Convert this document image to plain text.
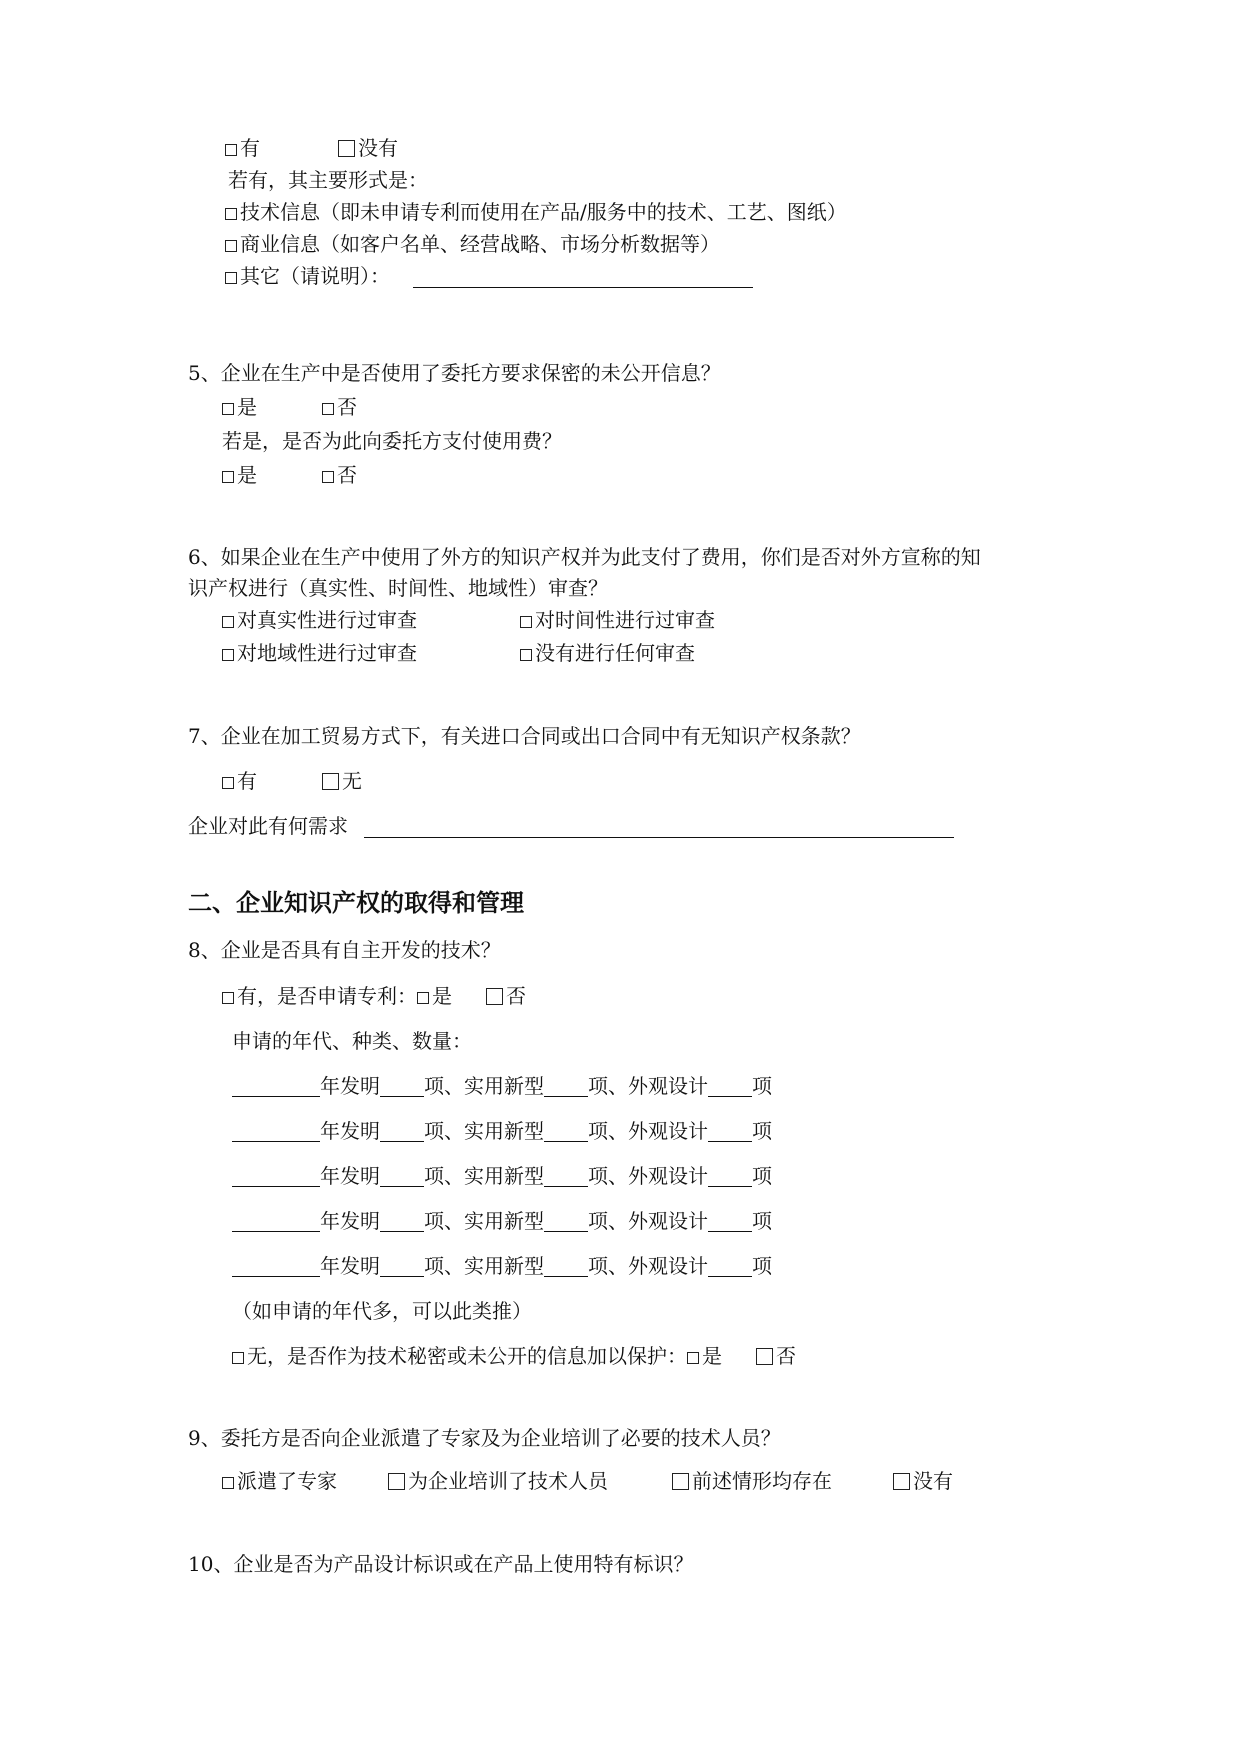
有	没有
若有，其主要形式是：
技术信息（即未申请专利而使用在产品/服务中的技术、工艺、图纸）
商业信息（如客户名单、经营战略、市场分析数据等）
其它（请说明）：
5、企业在生产中是否使用了委托方要求保密的未公开信息？
是	否
若是，是否为此向委托方支付使用费？
是	否
6、如果企业在生产中使用了外方的知识产权并为此支付了费用，你们是否对外方宣称的知
识产权进行（真实性、时间性、地域性）审查？
对真实性进行过审查	对时间性进行过审查
对地域性进行过审查	没有进行任何审查
7、企业在加工贸易方式下，有关进口合同或出口合同中有无知识产权条款？
有	无
企业对此有何需求
二、企业知识产权的取得和管理
8、企业是否具有自主开发的技术？
有，是否申请专利： 是	否
申请的年代、种类、数量：
年发明 项、实用新型 项、外观设计 项
年发明 项、实用新型 项、外观设计 项
年发明 项、实用新型 项、外观设计 项
年发明 项、实用新型 项、外观设计 项
年发明 项、实用新型 项、外观设计 项
（如申请的年代多，可以此类推）
无，是否作为技术秘密或未公开的信息加以保护： 是	否
9、委托方是否向企业派遣了专家及为企业培训了必要的技术人员？
派遣了专家	为企业培训了技术人员	前述情形均存在	没有
10、企业是否为产品设计标识或在产品上使用特有标识？
